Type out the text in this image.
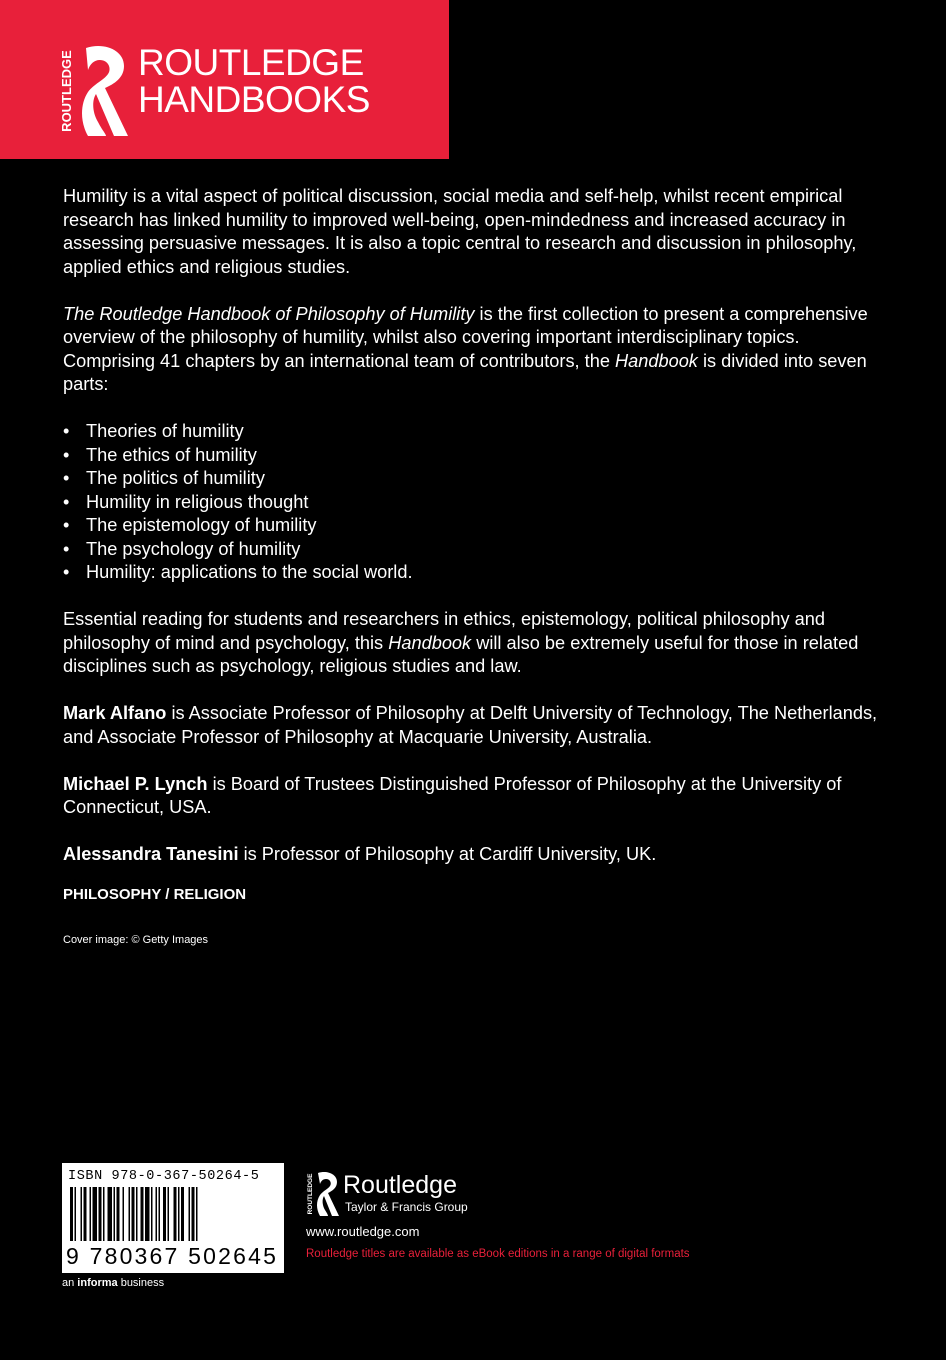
ROUTLEDGE ROUTLEDGE
HANDBOOKS

Humility is a vital aspect of political discussion, social media and self-help, whilst recent empirical research has linked humility to improved well-being, open-mindedness and increased accuracy in assessing persuasive messages. It is also a topic central to research and discussion in philosophy, applied ethics and religious studies.

The Routledge Handbook of Philosophy of Humility is the first collection to present a comprehensive overview of the philosophy of humility, whilst also covering important interdisciplinary topics. Comprising 41 chapters by an international team of contributors, the Handbook is divided into seven parts:

• Theories of humility
• The ethics of humility
• The politics of humility
• Humility in religious thought
• The epistemology of humility
• The psychology of humility
• Humility: applications to the social world.

Essential reading for students and researchers in ethics, epistemology, political philosophy and philosophy of mind and psychology, this Handbook will also be extremely useful for those in related disciplines such as psychology, religious studies and law.

Mark Alfano is Associate Professor of Philosophy at Delft University of Technology, The Netherlands, and Associate Professor of Philosophy at Macquarie University, Australia.

Michael P. Lynch is Board of Trustees Distinguished Professor of Philosophy at the University of Connecticut, USA.

Alessandra Tanesini is Professor of Philosophy at Cardiff University, UK.

PHILOSOPHY / RELIGION

Cover image: © Getty Images
ISBN 978-0-367-50264-5
9 780367 502645
an informa business
ROUTLEDGE Routledge
Taylor & Francis Group
www.routledge.com
Routledge titles are available as eBook editions in a range of digital formats
